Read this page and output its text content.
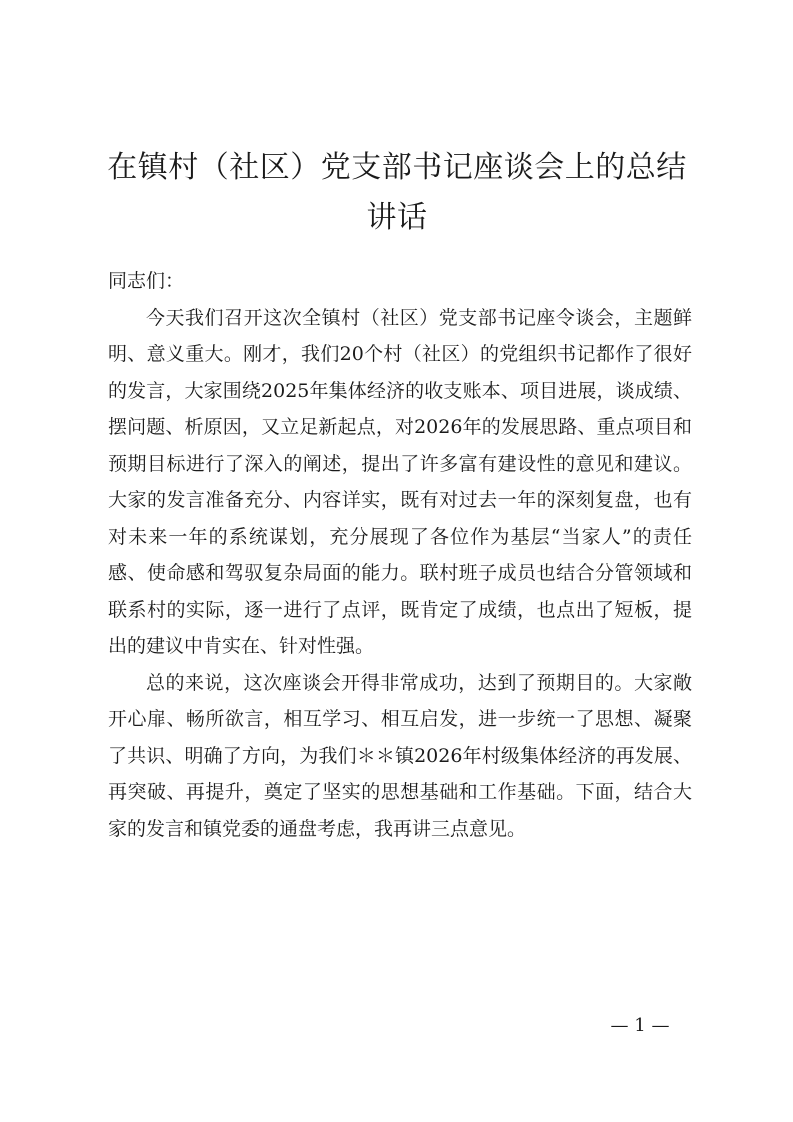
在镇村（社区）党支部书记座谈会上的总结讲话

同志们：

今天我们召开这次全镇村（社区）党支部书记座令谈会，主题鲜明、意义重大。刚才，我们20个村（社区）的党组织书记都作了很好的发言，大家围绕2025年集体经济的收支账本、项目进展，谈成绩、摆问题、析原因，又立足新起点，对2026年的发展思路、重点项目和预期目标进行了深入的阐述，提出了许多富有建设性的意见和建议。大家的发言准备充分、内容详实，既有对过去一年的深刻复盘，也有对未来一年的系统谋划，充分展现了各位作为基层“当家人”的责任感、使命感和驾驭复杂局面的能力。联村班子成员也结合分管领域和联系村的实际，逐一进行了点评，既肯定了成绩，也点出了短板，提出的建议中肯实在、针对性强。

总的来说，这次座谈会开得非常成功，达到了预期目的。大家敞开心扉、畅所欲言，相互学习、相互启发，进一步统一了思想、凝聚了共识、明确了方向，为我们＊＊镇2026年村级集体经济的再发展、再突破、再提升，奠定了坚实的思想基础和工作基础。下面，结合大家的发言和镇党委的通盘考虑，我再讲三点意见。

— 1 —
